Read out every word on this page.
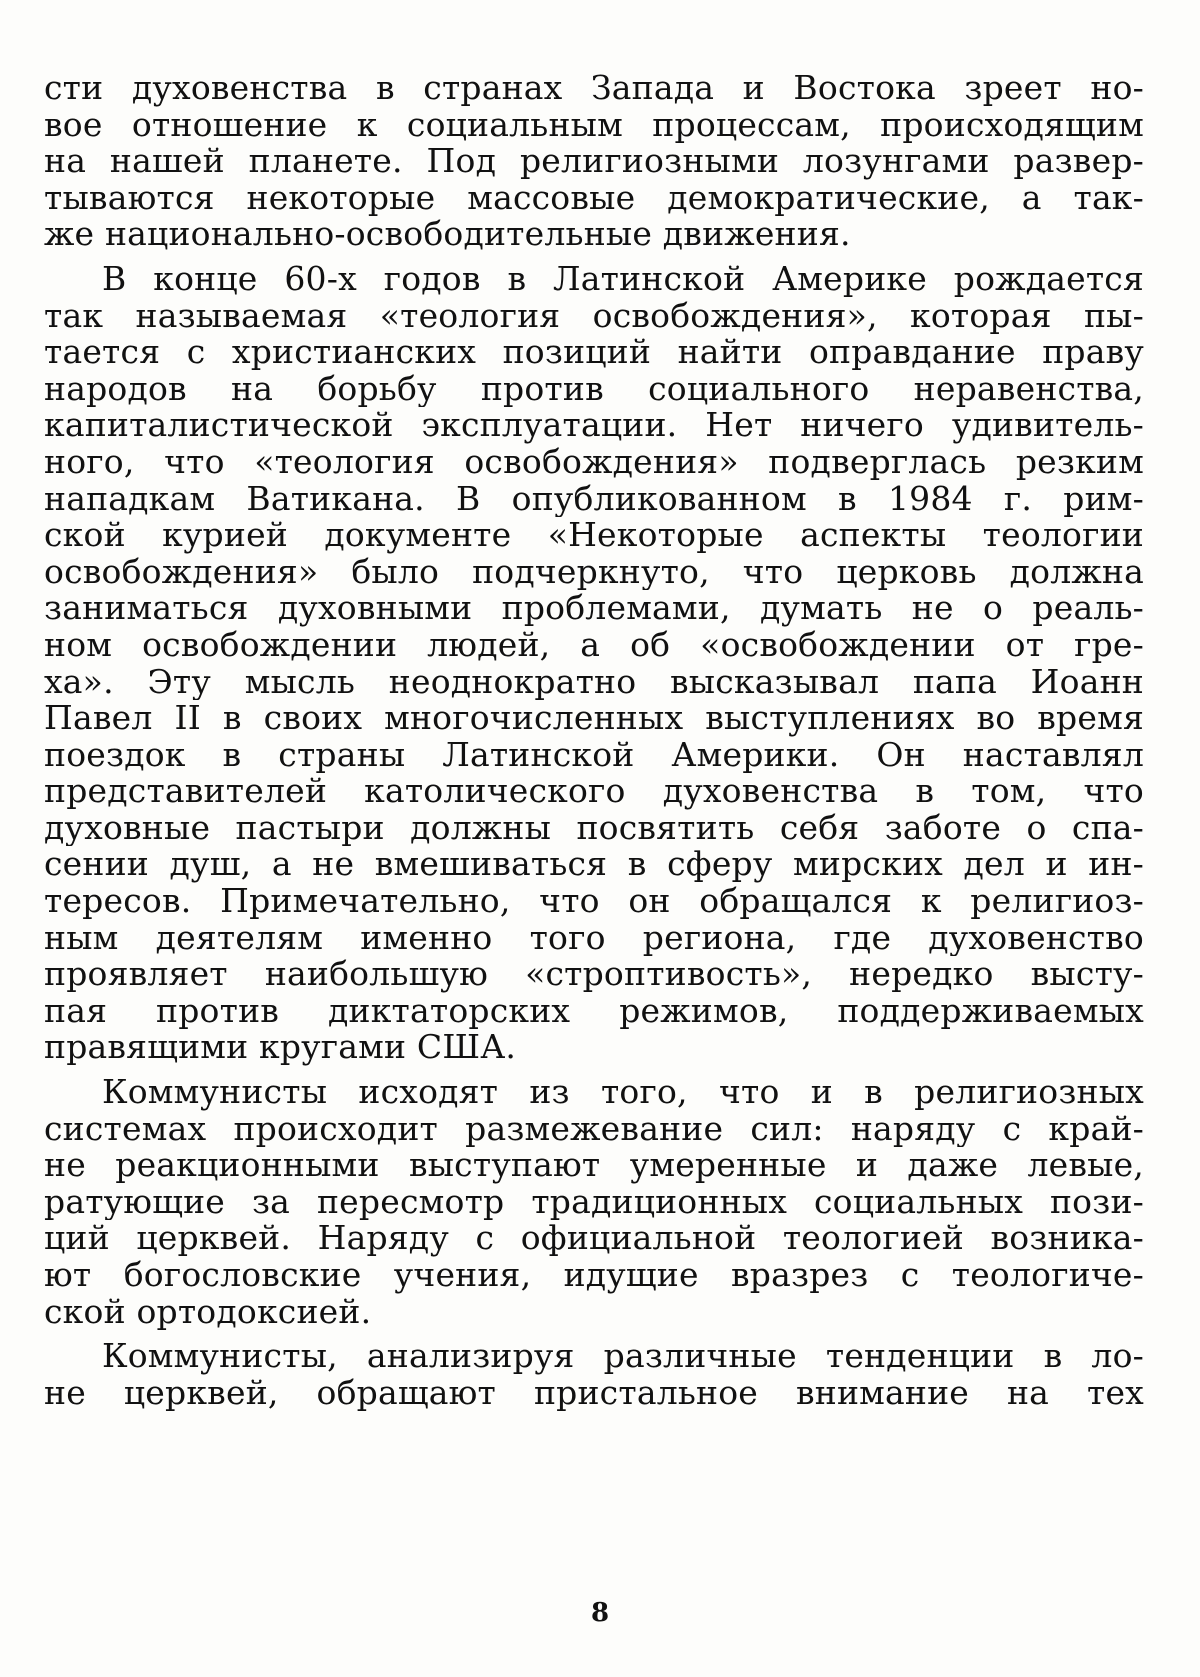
сти духовенства в странах Запада и Востока зреет но-
вое отношение к социальным процессам, происходящим
на нашей планете. Под религиозными лозунгами развер-
тываются некоторые массовые демократические, а так-
же национально-освободительные движения.
В конце 60-х годов в Латинской Америке рождается
так называемая «теология освобождения», которая пы-
тается с христианских позиций найти оправдание праву
народов на борьбу против социального неравенства,
капиталистической эксплуатации. Нет ничего удивитель-
ного, что «теология освобождения» подверглась резким
нападкам Ватикана. В опубликованном в 1984 г. рим-
ской курией документе «Некоторые аспекты теологии
освобождения» было подчеркнуто, что церковь должна
заниматься духовными проблемами, думать не о реаль-
ном освобождении людей, а об «освобождении от гре-
ха». Эту мысль неоднократно высказывал папа Иоанн
Павел II в своих многочисленных выступлениях во время
поездок в страны Латинской Америки. Он наставлял
представителей католического духовенства в том, что
духовные пастыри должны посвятить себя заботе о спа-
сении душ, а не вмешиваться в сферу мирских дел и ин-
тересов. Примечательно, что он обращался к религиоз-
ным деятелям именно того региона, где духовенство
проявляет наибольшую «строптивость», нередко высту-
пая против диктаторских режимов, поддерживаемых
правящими кругами США.
Коммунисты исходят из того, что и в религиозных
системах происходит размежевание сил: наряду с край-
не реакционными выступают умеренные и даже левые,
ратующие за пересмотр традиционных социальных пози-
ций церквей. Наряду с официальной теологией возника-
ют богословские учения, идущие вразрез с теологиче-
ской ортодоксией.
Коммунисты, анализируя различные тенденции в ло-
не церквей, обращают пристальное внимание на тех
8
